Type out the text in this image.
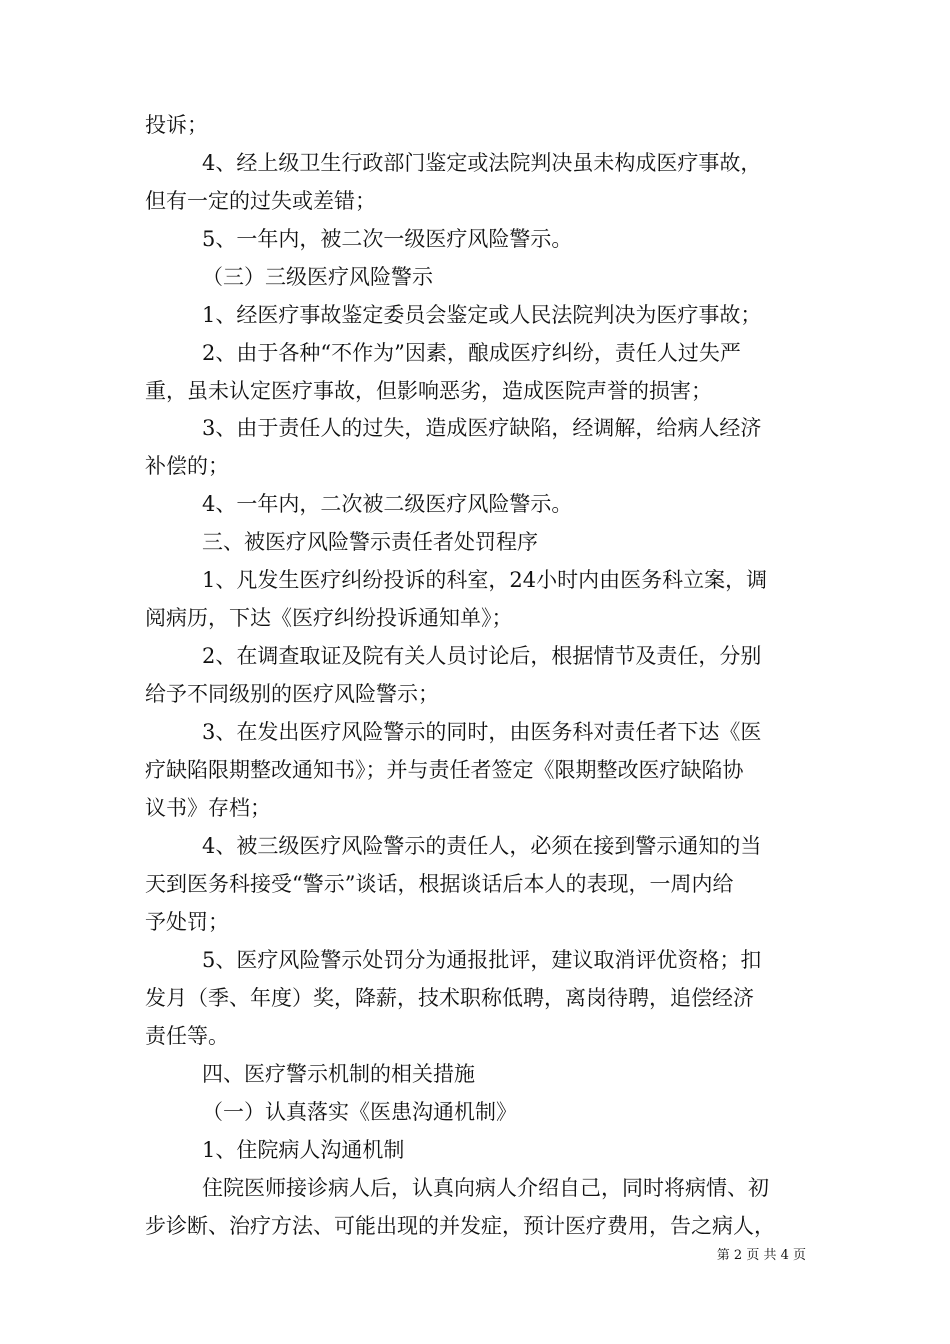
投诉；
4、经上级卫生行政部门鉴定或法院判决虽未构成医疗事故，
但有一定的过失或差错；
5、一年内，被二次一级医疗风险警示。
（三）三级医疗风险警示
1、经医疗事故鉴定委员会鉴定或人民法院判决为医疗事故；
2、由于各种“不作为”因素，酿成医疗纠纷，责任人过失严
重，虽未认定医疗事故，但影响恶劣，造成医院声誉的损害；
3、由于责任人的过失，造成医疗缺陷，经调解，给病人经济
补偿的；
4、一年内，二次被二级医疗风险警示。
三、被医疗风险警示责任者处罚程序
1、凡发生医疗纠纷投诉的科室，24小时内由医务科立案，调
阅病历，下达《医疗纠纷投诉通知单》；
2、在调查取证及院有关人员讨论后，根据情节及责任，分别
给予不同级别的医疗风险警示；
3、在发出医疗风险警示的同时，由医务科对责任者下达《医
疗缺陷限期整改通知书》；并与责任者签定《限期整改医疗缺陷协
议书》存档；
4、被三级医疗风险警示的责任人，必须在接到警示通知的当
天到医务科接受“警示”谈话，根据谈话后本人的表现，一周内给
予处罚；
5、医疗风险警示处罚分为通报批评，建议取消评优资格；扣
发月（季、年度）奖，降薪，技术职称低聘，离岗待聘，追偿经济
责任等。
四、医疗警示机制的相关措施
（一）认真落实《医患沟通机制》
1、住院病人沟通机制
住院医师接诊病人后，认真向病人介绍自己，同时将病情、初
步诊断、治疗方法、可能出现的并发症，预计医疗费用，告之病人，
第 2 页 共 4 页
